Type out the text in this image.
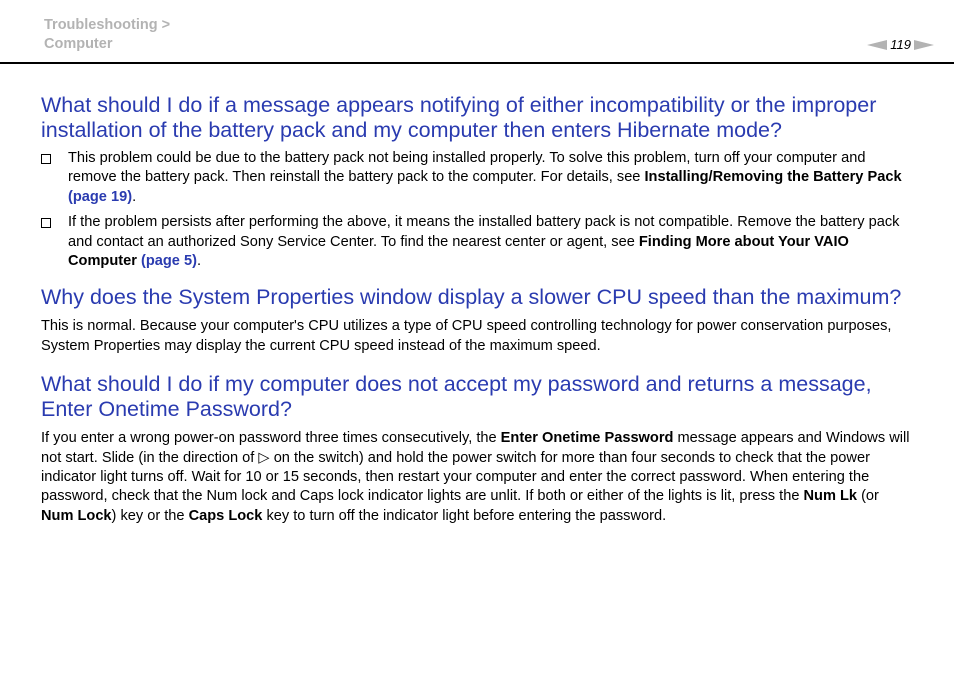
Troubleshooting >
Computer	119
What should I do if a message appears notifying of either incompatibility or the improper installation of the battery pack and my computer then enters Hibernate mode?
This problem could be due to the battery pack not being installed properly. To solve this problem, turn off your computer and remove the battery pack. Then reinstall the battery pack to the computer. For details, see Installing/Removing the Battery Pack (page 19).
If the problem persists after performing the above, it means the installed battery pack is not compatible. Remove the battery pack and contact an authorized Sony Service Center. To find the nearest center or agent, see Finding More about Your VAIO Computer (page 5).
Why does the System Properties window display a slower CPU speed than the maximum?

This is normal. Because your computer's CPU utilizes a type of CPU speed controlling technology for power conservation purposes, System Properties may display the current CPU speed instead of the maximum speed.

What should I do if my computer does not accept my password and returns a message, Enter Onetime Password?

If you enter a wrong power-on password three times consecutively, the Enter Onetime Password message appears and Windows will not start. Slide (in the direction of ▷ on the switch) and hold the power switch for more than four seconds to check that the power indicator light turns off. Wait for 10 or 15 seconds, then restart your computer and enter the correct password. When entering the password, check that the Num lock and Caps lock indicator lights are unlit. If both or either of the lights is lit, press the Num Lk (or Num Lock) key or the Caps Lock key to turn off the indicator light before entering the password.
